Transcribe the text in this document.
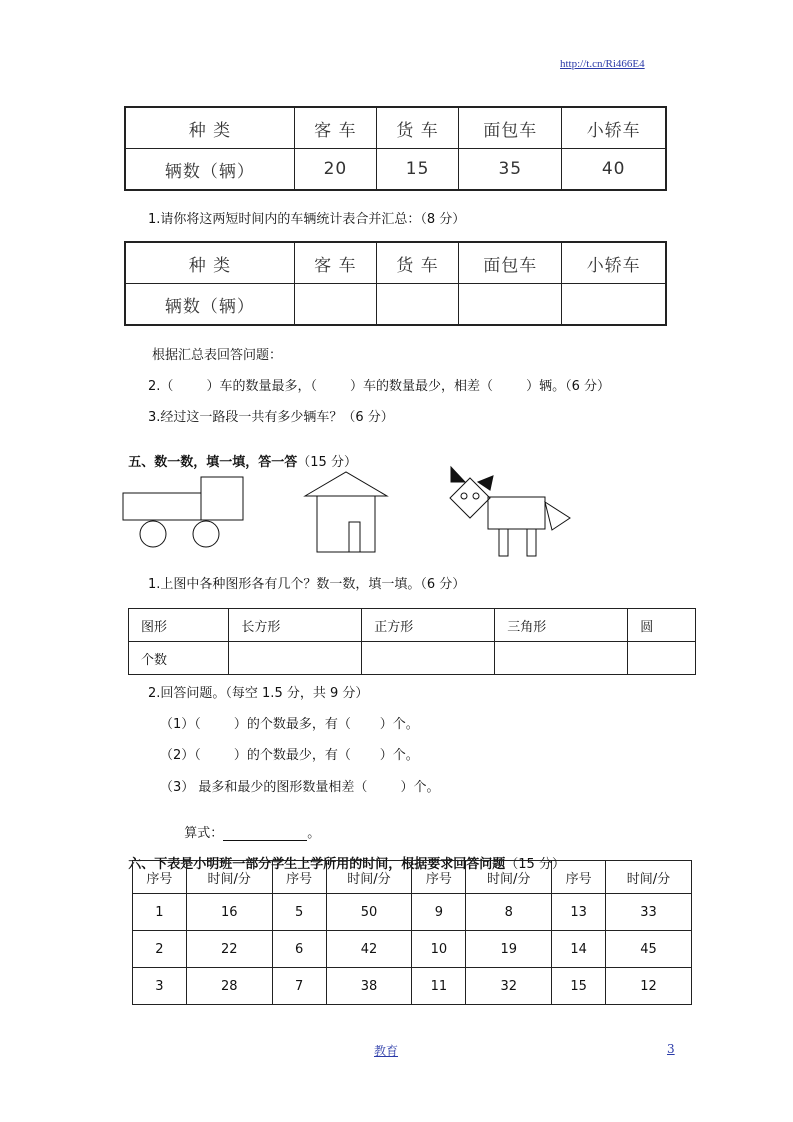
http://t.cn/Ri466E4
种 类	客 车	货 车	面包车	小轿车
辆数（辆）	20	15	35	40
1.请你将这两短时间内的车辆统计表合并汇总：（8 分）
种 类	客 车	货 车	面包车	小轿车
辆数（辆）				
根据汇总表回答问题：
2.（        ）车的数量最多，（        ）车的数量最少，相差（        ）辆。（6 分）
3.经过这一路段一共有多少辆车？（6 分）

五、数一数，填一填，答一答（15 分）

1.上图中各种图形各有几个？数一数，填一填。（6 分）
图形	长方形	正方形	三角形	圆
个数				
2.回答问题。（每空 1.5 分，共 9 分）
（1）（        ）的个数最多，有（       ）个。
（2）（        ）的个数最少，有（       ）个。
（3） 最多和最少的图形数量相差（        ）个。

算式：	。

六、下表是小明班一部分学生上学所用的时间，根据要求回答问题（15 分）

序号	时间/分	序号	时间/分	序号	时间/分	序号	时间/分
1	16	5	50	9	8	13	33
2	22	6	42	10	19	14	45
3	28	7	38	11	32	15	12
教育	3
